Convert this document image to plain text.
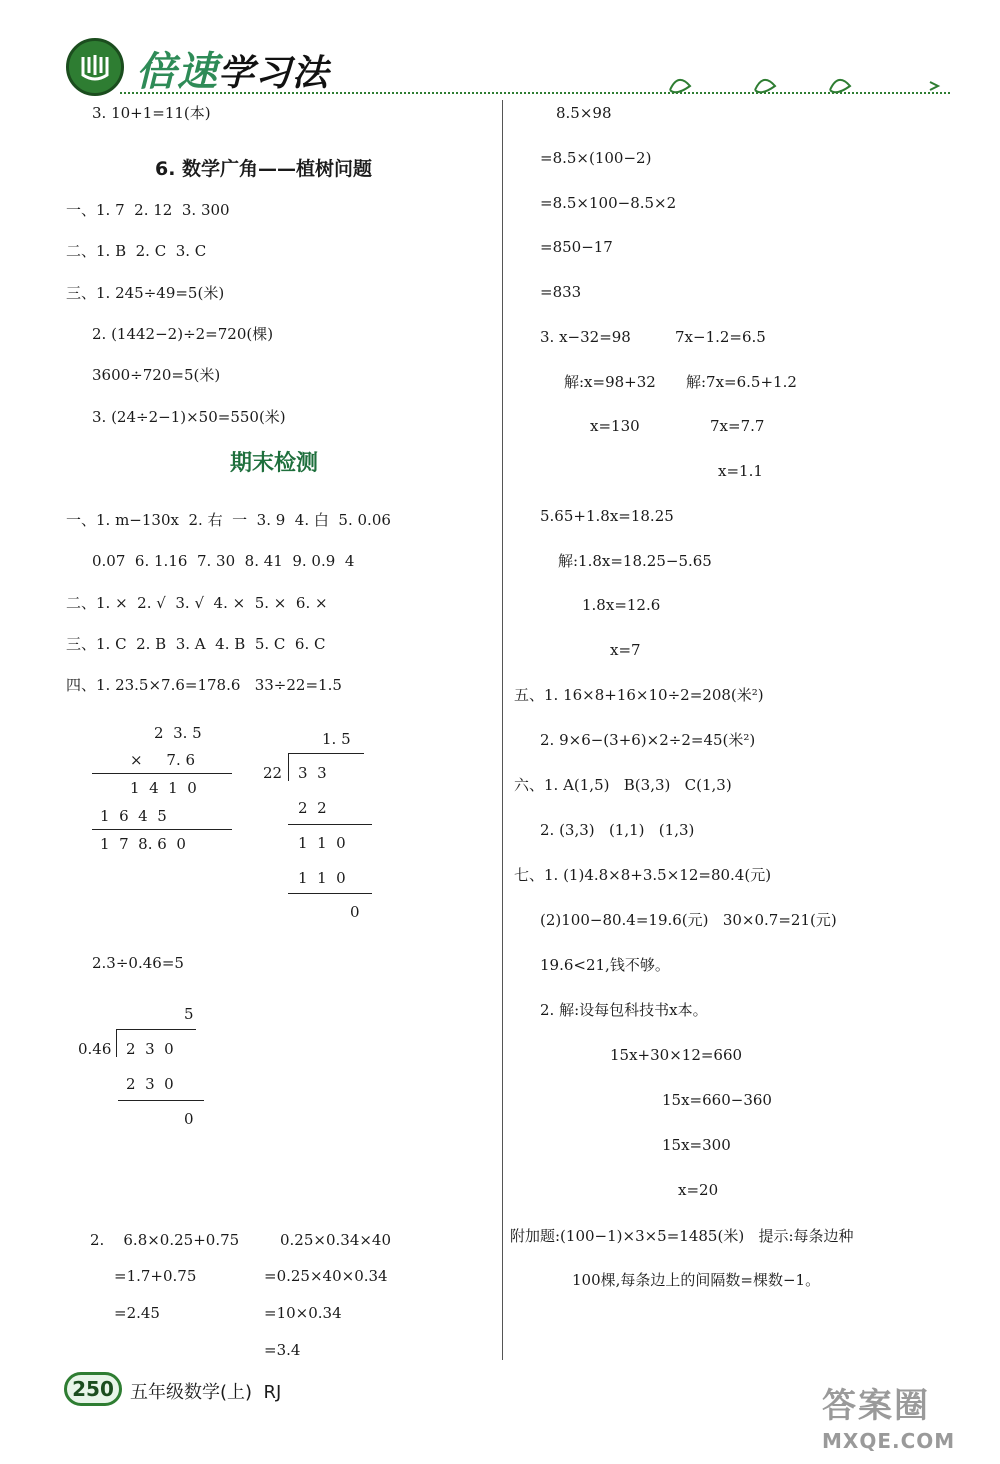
倍速学习法
3. 10+1=11(本)
6. 数学广角——植树问题
一、1. 7  2. 12  3. 300
二、1. B  2. C  3. C
三、1. 245÷49=5(米)
2. (1442−2)÷2=720(棵)
3600÷720=5(米)
3. (24÷2−1)×50=550(米)
期末检测
一、1. m−130x  2. 右  一  3. 9  4. 白  5. 0.06
0.07  6. 1.16  7. 30  8. 41  9. 0.9  4
二、1. ×  2. √  3. √  4. ×  5. ×  6. ×
三、1. C  2. B  3. A  4. B  5. C  6. C
四、1. 23.5×7.6=178.6   33÷22=1.5
2  3. 5
×     7. 6
1  4  1  0
1  6  4  5
1  7  8. 6  0
1. 5
22 3  3
2  2
1  1  0
1  1  0
0
2.3÷0.46=5
5
0.46 2  3  0
2  3  0
0
2.    6.8×0.25+0.75
=1.7+0.75
=2.45
0.25×0.34×40
=0.25×40×0.34
=10×0.34
=3.4
8.5×98
=8.5×(100−2)
=8.5×100−8.5×2
=850−17
=833
3. x−32=98	7x−1.2=6.5
解:x=98+32 解:7x=6.5+1.2
x=130	7x=7.7
x=1.1
5.65+1.8x=18.25
解:1.8x=18.25−5.65
1.8x=12.6
x=7
五、1. 16×8+16×10÷2=208(米²)
2. 9×6−(3+6)×2÷2=45(米²)
六、1. A(1,5)   B(3,3)   C(1,3)
2. (3,3)   (1,1)   (1,3)
七、1. (1)4.8×8+3.5×12=80.4(元)
(2)100−80.4=19.6(元)   30×0.7=21(元)
19.6<21,钱不够。
2. 解:设每包科技书x本。
15x+30×12=660
15x=660−360
15x=300
x=20
附加题:(100−1)×3×5=1485(米)   提示:每条边种
100棵,每条边上的间隔数=棵数−1。
250 五年级数学(上) RJ	答案圈
MXQE.COM
